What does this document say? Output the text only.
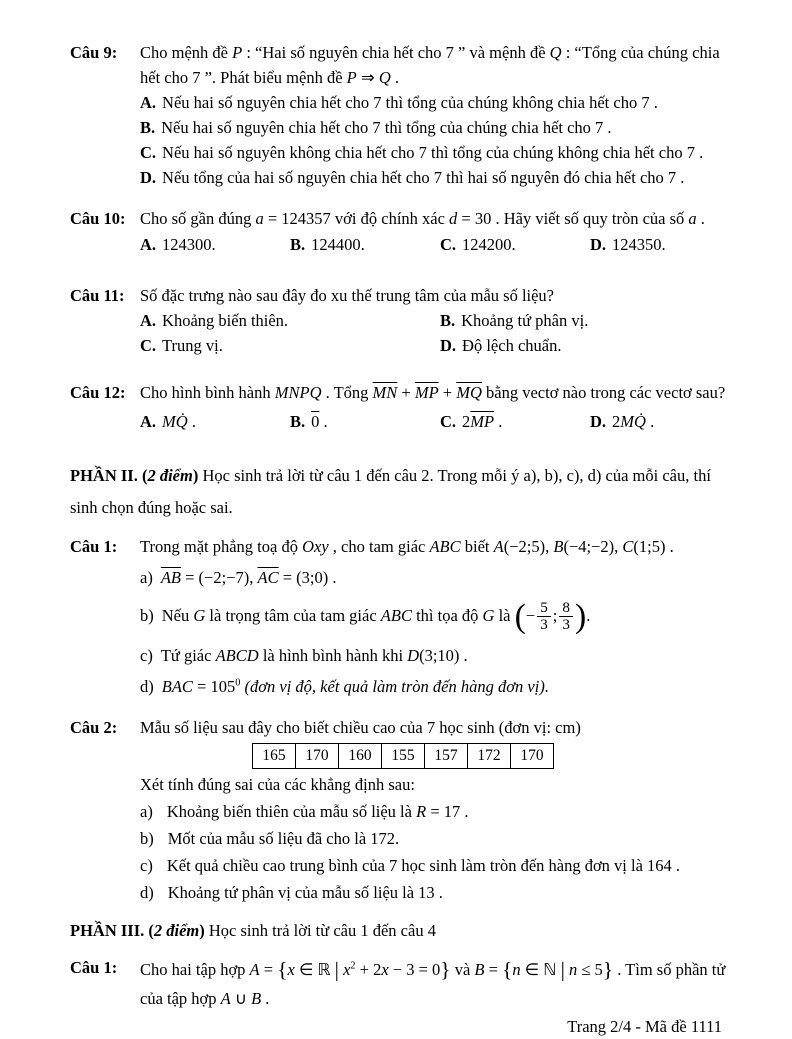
Câu 9:	Cho mệnh đề P : “Hai số nguyên chia hết cho 7 ” và mệnh đề Q : “Tổng của chúng chia hết cho 7 ”. Phát biểu mệnh đề P ⇒ Q .
A. Nếu hai số nguyên chia hết cho 7 thì tổng của chúng không chia hết cho 7 .
B. Nếu hai số nguyên chia hết cho 7 thì tổng của chúng chia hết cho 7 .
C. Nếu hai số nguyên không chia hết cho 7 thì tổng của chúng không chia hết cho 7 .
D. Nếu tổng của hai số nguyên chia hết cho 7 thì hai số nguyên đó chia hết cho 7 .
Câu 10: Cho số gần đúng a = 124357 với độ chính xác d = 30 . Hãy viết số quy tròn của số a .
A. 124300.	B. 124400.	C. 124200.	D. 124350.
Câu 11: Số đặc trưng nào sau đây đo xu thế trung tâm của mẫu số liệu?
A. Khoảng biến thiên.	B. Khoảng tứ phân vị.
C. Trung vị.	D. Độ lệch chuẩn.
Câu 12: Cho hình bình hành MNPQ . Tổng $\overline{MN} + \overline{MP} + \overline{MQ}$ bằng vectơ nào trong các vectơ sau?
A. MQ̇ .	B. 0 .	C. $2\overline{MP}$ .	D. 2MQ̇ .
PHẦN II. (2 điểm) Học sinh trả lời từ câu 1 đến câu 2. Trong mỗi ý a), b), c), d) của mỗi câu, thí sinh chọn đúng hoặc sai.
Câu 1:	Trong mặt phẳng toạ độ Oxy , cho tam giác ABC biết A(−2;5), B(−4;−2), C(1;5) .
a) $\overline{AB}$ = (−2;−7), $\overline{AC}$ = (3;0) .
b) Nếu G là trọng tâm của tam giác ABC thì tọa độ G là (− $\frac{5}{3}$ ; $\frac{8}{3}$ ).
c) Tứ giác ABCD là hình bình hành khi D(3;10) .
d) BAC = $105^0$ (đơn vị độ, kết quả làm tròn đến hàng đơn vị).
Câu 2:	Mẫu số liệu sau đây cho biết chiều cao của 7 học sinh (đơn vị: cm)
165	170	160	155	157	172	170
Xét tính đúng sai của các khẳng định sau:
a) Khoảng biến thiên của mẫu số liệu là R = 17 .
b) Mốt của mẫu số liệu đã cho là 172.
c) Kết quả chiều cao trung bình của 7 học sinh làm tròn đến hàng đơn vị là 164 .
d) Khoảng tứ phân vị của mẫu số liệu là 13 .
PHẦN III. (2 điểm) Học sinh trả lời từ câu 1 đến câu 4
Câu 1:	Cho hai tập hợp A = {x ∈ ℝ | $x^2 + 2x - 3 = 0$} và B = {n ∈ ℕ | n ≤ 5} . Tìm số phần tử của tập hợp A ∪ B .
Trang 2/4 - Mã đề 1111
